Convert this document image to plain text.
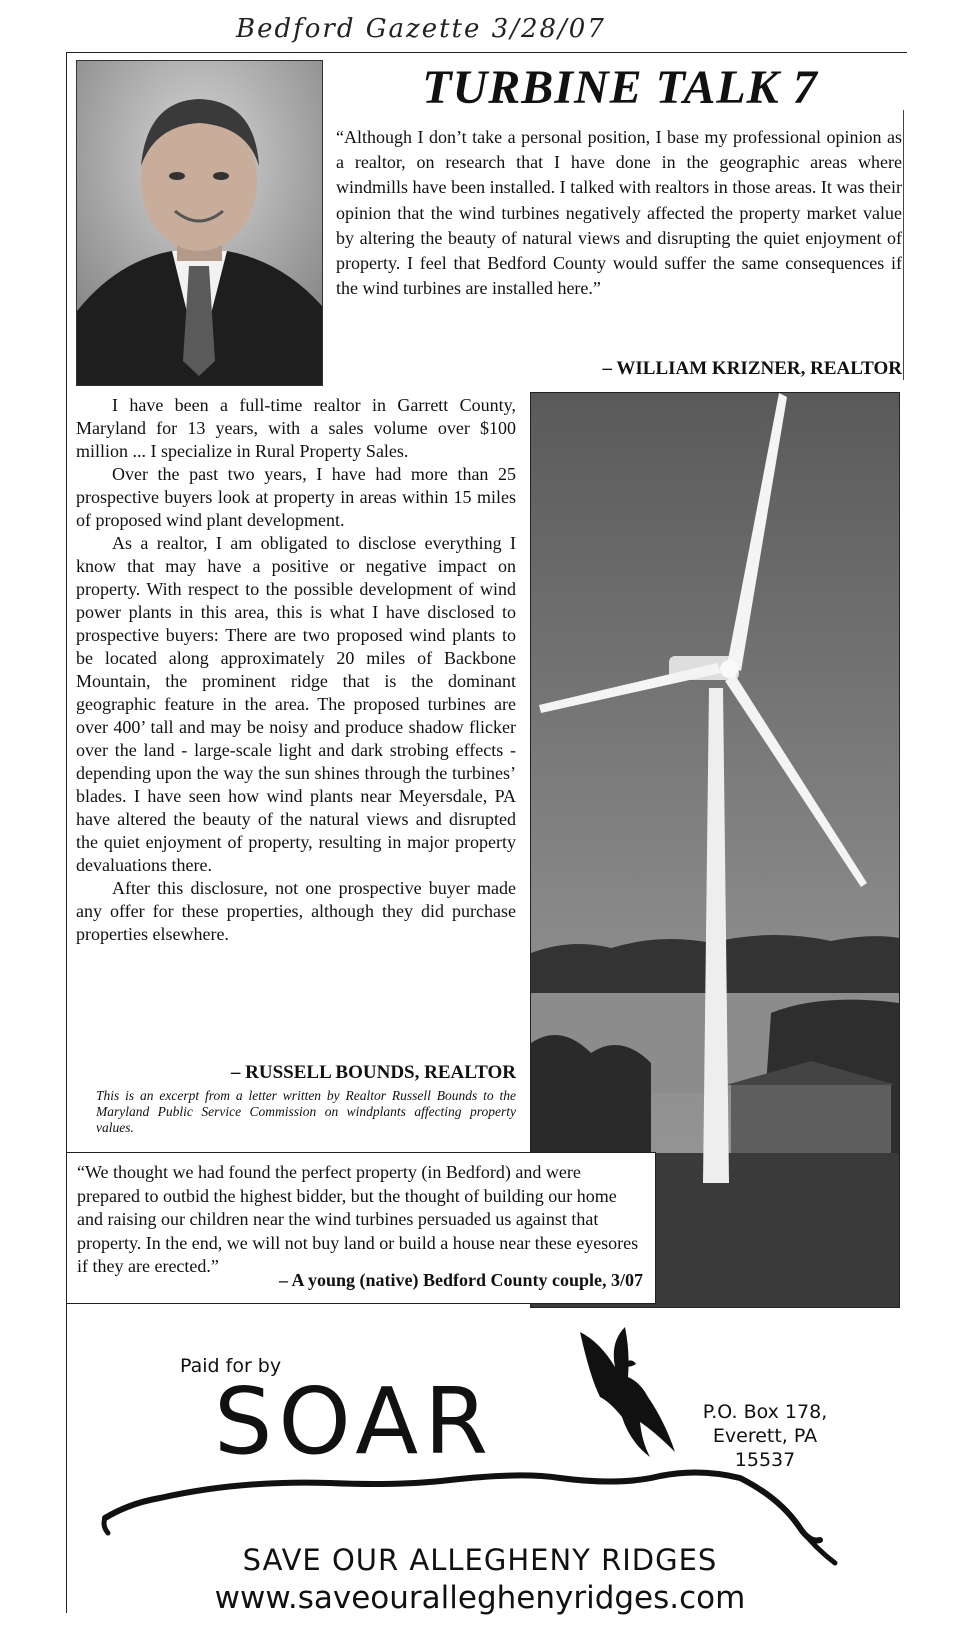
Bedford Gazette 3/28/07
TURBINE TALK 7
“Although I don’t take a personal position, I base my professional opinion as a realtor, on research that I have done in the geographic areas where windmills have been installed. I talked with realtors in those areas. It was their opinion that the wind turbines negatively affected the property market value by altering the beauty of natural views and disrupting the quiet enjoyment of property. I feel that Bedford County would suffer the same consequences if the wind turbines are installed here.”
– WILLIAM KRIZNER, REALTOR

I have been a full-time realtor in Garrett County, Maryland for 13 years, with a sales volume over $100 million ... I specialize in Rural Property Sales.

Over the past two years, I have had more than 25 prospective buyers look at property in areas within 15 miles of proposed wind plant development.

As a realtor, I am obligated to disclose everything I know that may have a positive or negative impact on property. With respect to the possible development of wind power plants in this area, this is what I have disclosed to prospective buyers: There are two proposed wind plants to be located along approximately 20 miles of Backbone Mountain, the prominent ridge that is the dominant geographic feature in the area. The proposed turbines are over 400’ tall and may be noisy and produce shadow flicker over the land - large-scale light and dark strobing effects - depending upon the way the sun shines through the turbines’ blades. I have seen how wind plants near Meyersdale, PA have altered the beauty of the natural views and disrupted the quiet enjoyment of property, resulting in major property devaluations there.

After this disclosure, not one prospective buyer made any offer for these properties, although they did purchase properties elsewhere.

– RUSSELL BOUNDS, REALTOR
This is an excerpt from a letter written by Realtor Russell Bounds to the Maryland Public Service Commission on windplants affecting property values.
“We thought we had found the perfect property (in Bedford) and were prepared to outbid the highest bidder, but the thought of building our home and raising our children near the wind turbines persuaded us against that property. In the end, we will not buy land or build a house near these eyesores if they are erected.”
– A young (native) Bedford County couple, 3/07
Paid for by
SOAR	P.O. Box 178,
Everett, PA
15537
SAVE OUR ALLEGHENY RIDGES
www.saveouralleghenyridges.com
